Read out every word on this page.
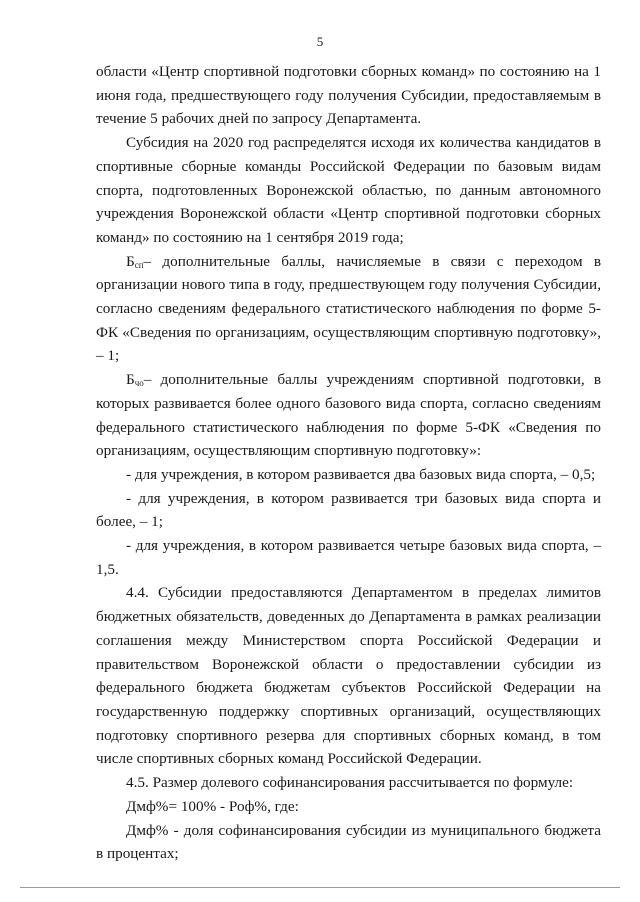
5

области «Центр спортивной подготовки сборных команд» по состоянию на 1 июня года, предшествующего году получения Субсидии, предоставляемым в течение 5 рабочих дней по запросу Департамента.

Субсидия на 2020 год распределятся исходя их количества кандидатов в спортивные сборные команды Российской Федерации по базовым видам спорта, подготовленных Воронежской областью, по данным автономного учреждения Воронежской области «Центр спортивной подготовки сборных команд» по состоянию на 1 сентября 2019 года;

$Б_{сп}-$ дополнительные баллы, начисляемые в связи с переходом в организации нового типа в году, предшествующем году получения Субсидии, согласно сведениям федерального статистического наблюдения по форме 5-ФК «Сведения по организациям, осуществляющим спортивную подготовку», – 1;

$Б_{чо}-$ дополнительные баллы учреждениям спортивной подготовки, в которых развивается более одного базового вида спорта, согласно сведениям федерального статистического наблюдения по форме 5-ФК «Сведения по организациям, осуществляющим спортивную подготовку»:

- для учреждения, в котором развивается два базовых вида спорта, – 0,5;

- для учреждения, в котором развивается три базовых вида спорта и более, – 1;

- для учреждения, в котором развивается четыре базовых вида спорта, – 1,5.

4.4. Субсидии предоставляются Департаментом в пределах лимитов бюджетных обязательств, доведенных до Департамента в рамках реализации соглашения между Министерством спорта Российской Федерации и правительством Воронежской области о предоставлении субсидии из федерального бюджета бюджетам субъектов Российской Федерации на государственную поддержку спортивных организаций, осуществляющих подготовку спортивного резерва для спортивных сборных команд, в том числе спортивных сборных команд Российской Федерации.

4.5. Размер долевого софинансирования рассчитывается по формуле:

Дмф%= 100% - Роф%, где:

Дмф% - доля софинансирования субсидии из муниципального бюджета в процентах;
